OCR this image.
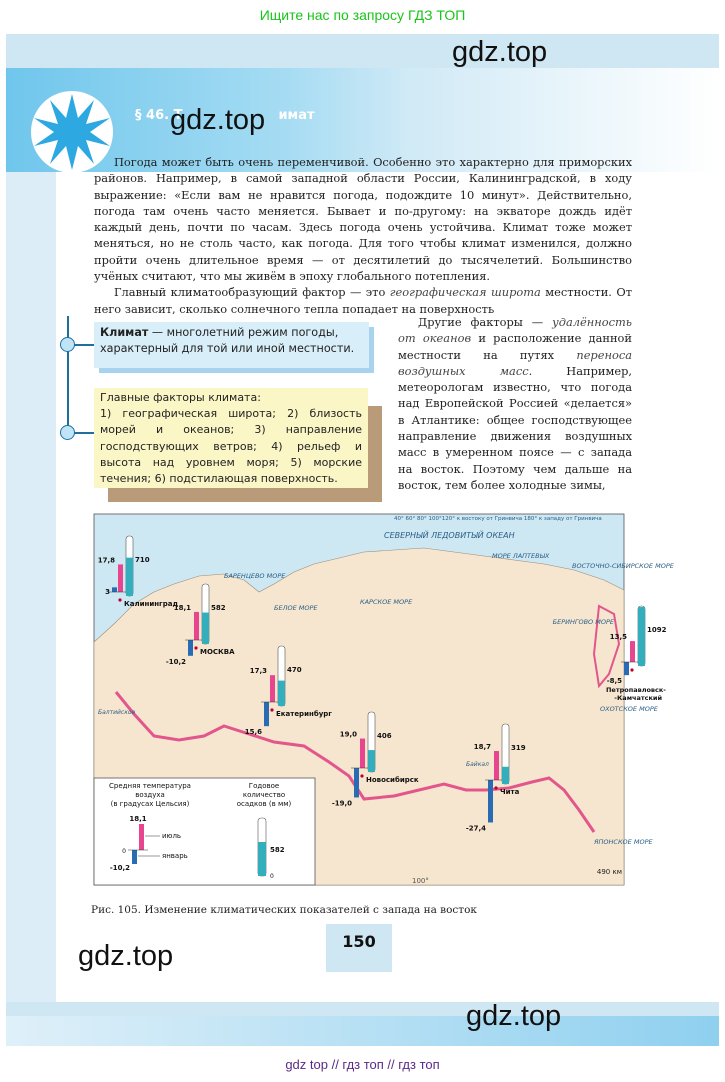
Ищите нас по запросу ГДЗ ТОП
§ 46. Т	имат

Погода может быть очень переменчивой. Особенно это характерно для приморских районов. Например, в самой западной области России, Калининградской, в ходу выражение: «Если вам не нравится погода, подождите 10 минут». Действительно, погода там очень часто меняется. Бывает и по-другому: на экваторе дождь идёт каждый день, почти по часам. Здесь погода очень устойчива. Климат тоже может меняться, но не столь часто, как погода. Для того чтобы климат изменился, должно пройти очень длительное время — от десятилетий до тысячелетий. Большинство учёных считают, что мы живём в эпоху глобального потепления.

Главный климатообразующий фактор — это географическая широта местности. От него зависит, сколько солнечного тепла попадает на поверхность

Другие факторы — удалённость от океанов и расположение данной местности на путях переноса воздушных масс. Например, метеорологам известно, что погода над Европейской Россией «делается» в Атлантике: общее господствующее направление движения воздушных масс в умеренном поясе — с запада на восток. Поэтому чем дальше на восток, тем более холодные зимы,

Климат — многолетний режим погоды, характерный для той или иной местности.
Главные факторы климата:
1) географическая широта; 2) близость морей и океанов; 3) направление господствующих ветров; 4) рельеф и высота над уровнем моря; 5) морские течения; 6) подстилающая поверхность.
17,8
3
710
Калининград
18,1
-10,2
582
МОСКВА
17,3
15,6
470
Екатеринбург
19,0
-19,0
406
Новосибирск
18,7
-27,4
319
Чита
13,5
-8,5
1092
Петропавловск-
-Камчатский
Средняя температура
воздуха
(в градусах Цельсия)
Годовое
количество
осадков (в мм)
18,1
-10,2
0
июль
январь
582
0
СЕВЕРНЫЙ ЛЕДОВИТЫЙ ОКЕАН
40° 60° 80° 100°120° к востоку от Гринвича 180° к западу от Гринвича
БАРЕНЦЕВО МОРЕ
КАРСКОЕ МОРЕ
МОРЕ ЛАПТЕВЫХ
ВОСТОЧНО-СИБИРСКОЕ МОРЕ
БЕРИНГОВО МОРЕ
ОХОТСКОЕ МОРЕ
ЯПОНСКОЕ МОРЕ
БЕЛОЕ МОРЕ
100°
490 км
Балтийское
Байкал
Рис. 105. Изменение климатических показателей с запада на восток
150
gdz.top
gdz.top
gdz.top
gdz.top
gdz top // гдз топ // гдз топ
